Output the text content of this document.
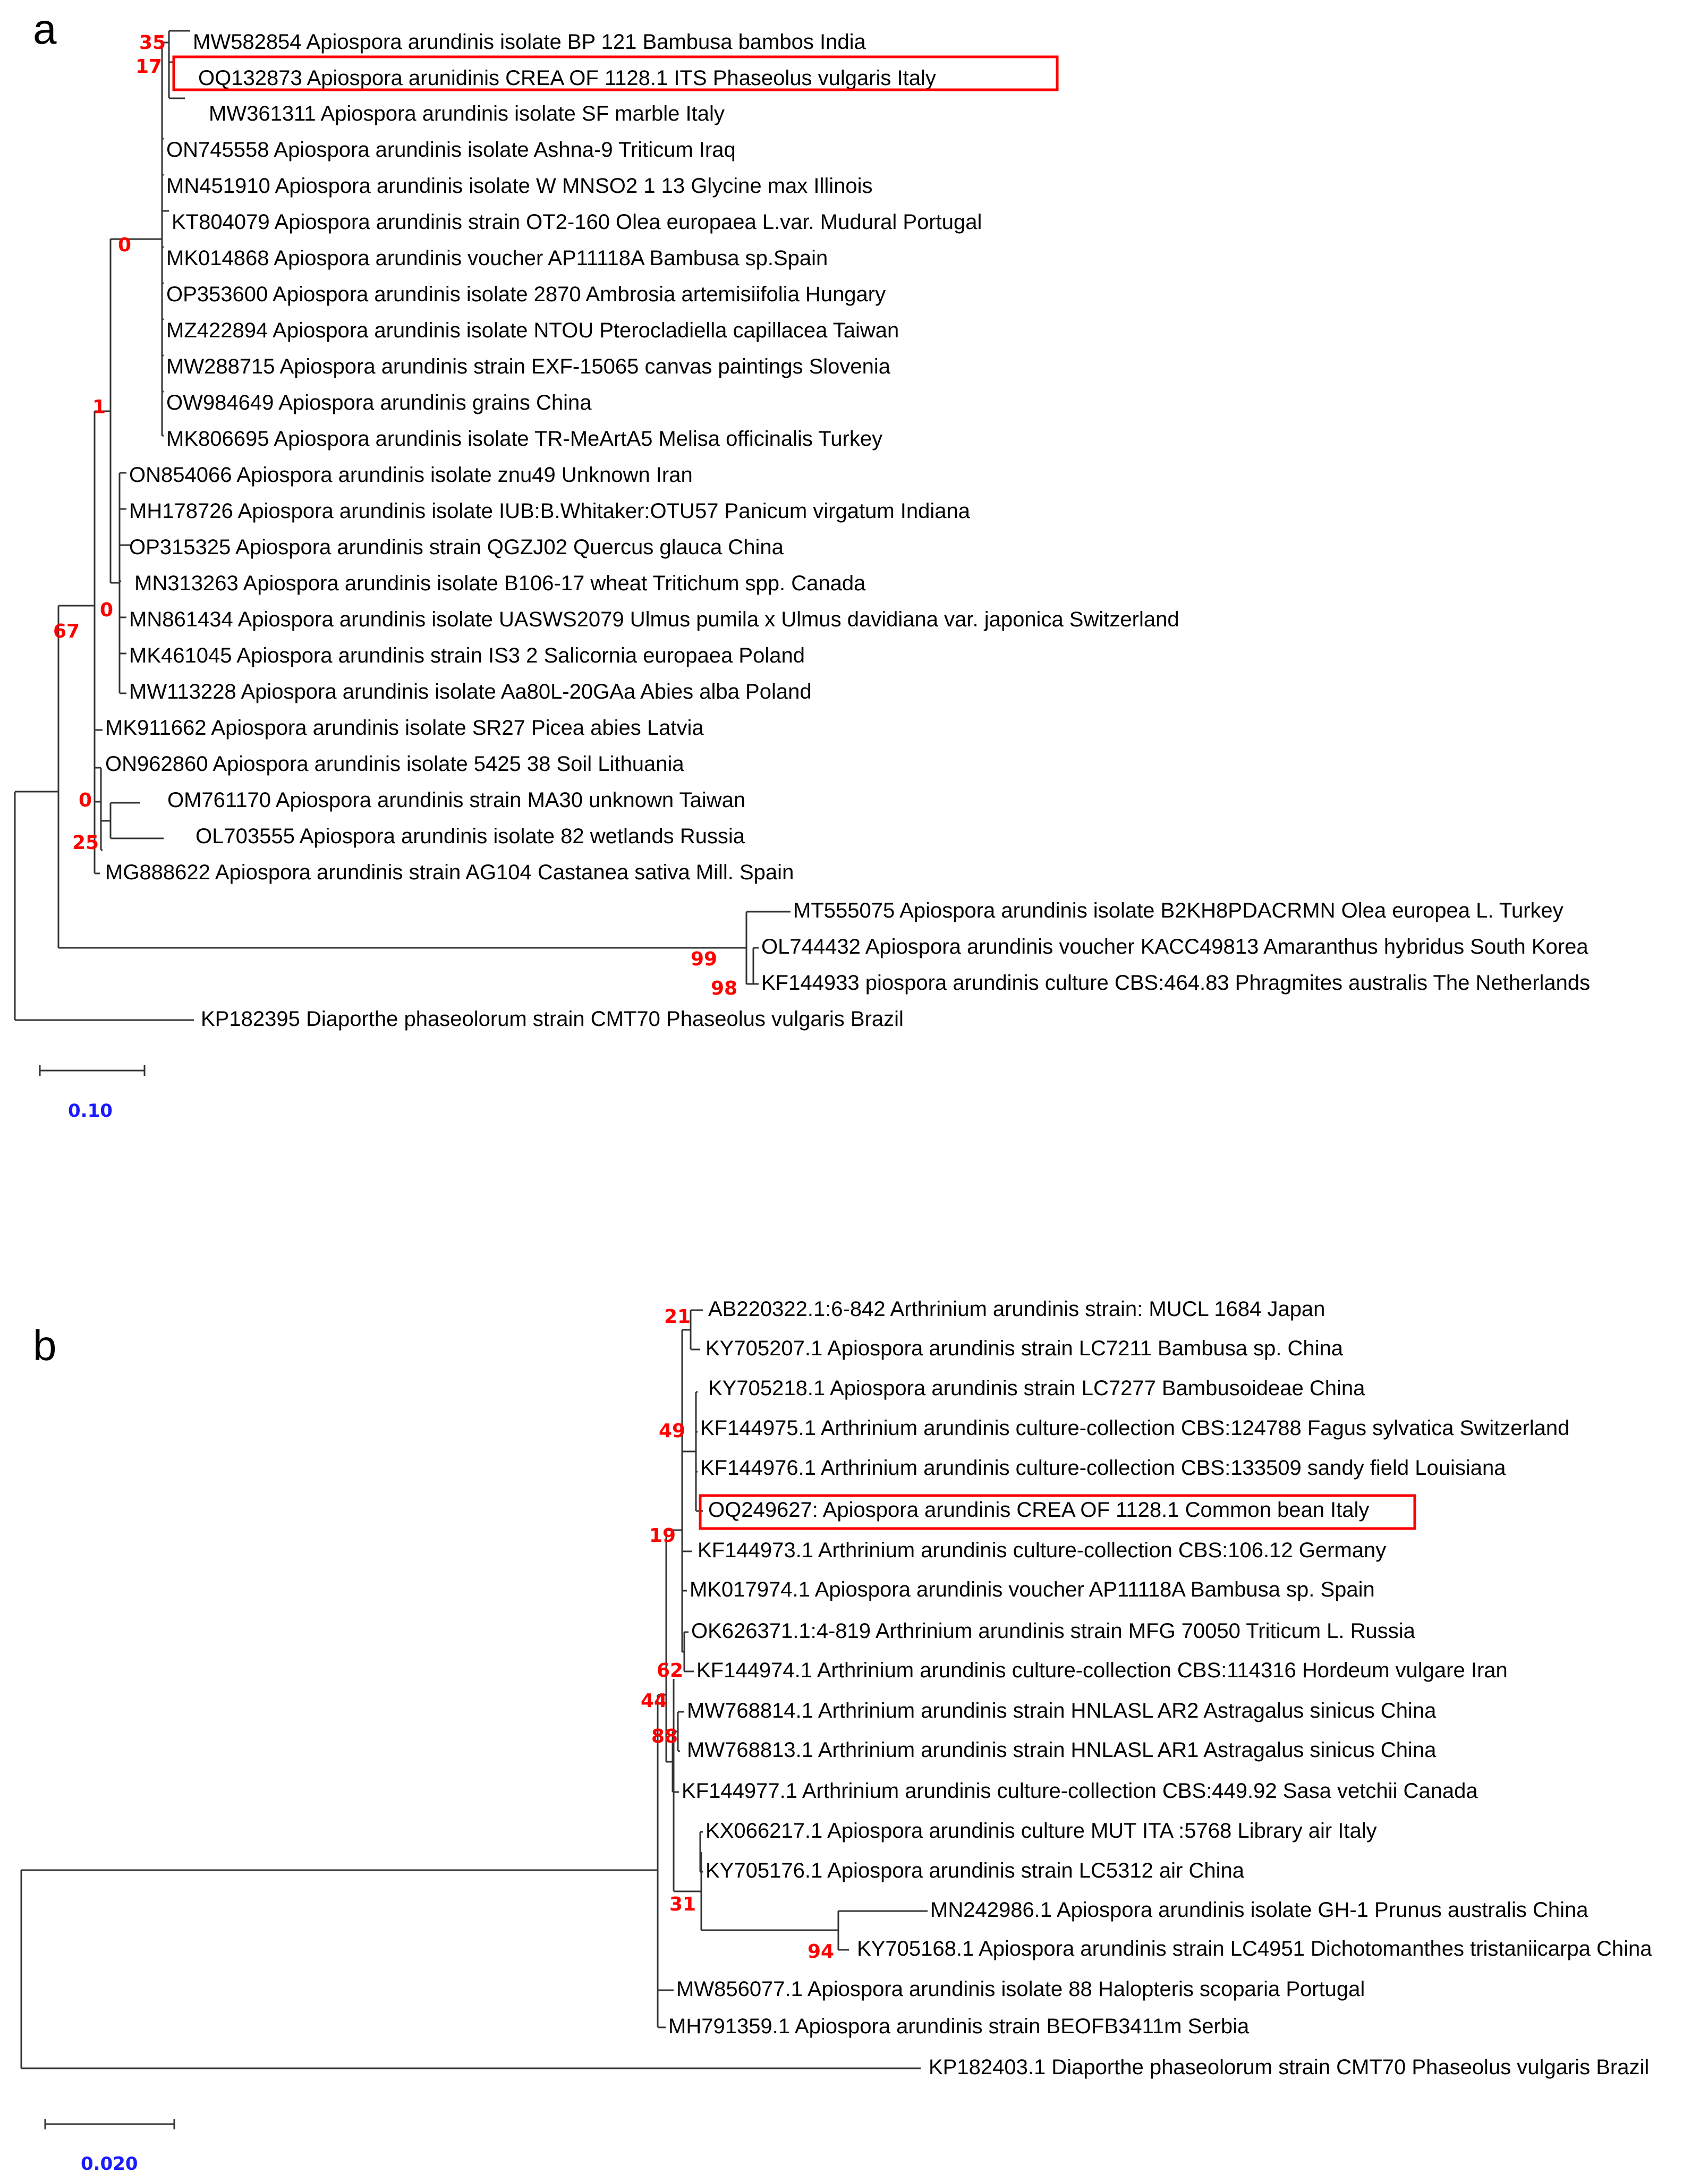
a	MW582854 Apiospora arundinis isolate BP 121 Bambusa bambos India
OQ132873 Apiospora arunidinis CREA OF 1128.1 ITS Phaseolus vulgaris Italy
MW361311 Apiospora arundinis isolate SF marble Italy
ON745558 Apiospora arundinis isolate Ashna-9 Triticum Iraq
MN451910 Apiospora arundinis isolate W MNSO2 1 13 Glycine max Illinois
KT804079 Apiospora arundinis strain OT2-160 Olea europaea L.var. Mudural Portugal
MK014868 Apiospora arundinis voucher AP11118A Bambusa sp.Spain
OP353600 Apiospora arundinis isolate 2870 Ambrosia artemisiifolia Hungary
MZ422894 Apiospora arundinis isolate NTOU Pterocladiella capillacea Taiwan
MW288715 Apiospora arundinis strain EXF-15065 canvas paintings Slovenia
OW984649 Apiospora arundinis grains China
MK806695 Apiospora arundinis isolate TR-MeArtA5 Melisa officinalis Turkey
ON854066 Apiospora arundinis isolate znu49 Unknown Iran
MH178726 Apiospora arundinis isolate IUB:B.Whitaker:OTU57 Panicum virgatum Indiana
OP315325 Apiospora arundinis strain QGZJ02 Quercus glauca China
MN313263 Apiospora arundinis isolate B106-17 wheat Tritichum spp. Canada
MN861434 Apiospora arundinis isolate UASWS2079 Ulmus pumila x Ulmus davidiana var. japonica Switzerland
MK461045 Apiospora arundinis strain IS3 2 Salicornia europaea Poland
MW113228 Apiospora arundinis isolate Aa80L-20GAa Abies alba Poland
MK911662 Apiospora arundinis isolate SR27 Picea abies Latvia
ON962860 Apiospora arundinis isolate 5425 38 Soil Lithuania
OM761170 Apiospora arundinis strain MA30 unknown Taiwan
OL703555 Apiospora arundinis isolate 82 wetlands Russia
MG888622 Apiospora arundinis strain AG104 Castanea sativa Mill. Spain
MT555075 Apiospora arundinis isolate B2KH8PDACRMN Olea europea L. Turkey
OL744432 Apiospora arundinis voucher KACC49813 Amaranthus hybridus South Korea
KF144933 piospora arundinis culture CBS:464.83 Phragmites australis The Netherlands
KP182395 Diaporthe phaseolorum strain CMT70 Phaseolus vulgaris Brazil
35
17
0
1
0
67
0
25
99
98
0.10
b
AB220322.1:6-842 Arthrinium arundinis strain: MUCL 1684 Japan
KY705207.1 Apiospora arundinis strain LC7211 Bambusa sp. China
KY705218.1 Apiospora arundinis strain LC7277 Bambusoideae China
KF144975.1 Arthrinium arundinis culture-collection CBS:124788 Fagus sylvatica Switzerland
KF144976.1 Arthrinium arundinis culture-collection CBS:133509 sandy field Louisiana
OQ249627: Apiospora arundinis CREA OF 1128.1 Common bean Italy
KF144973.1 Arthrinium arundinis culture-collection CBS:106.12 Germany
MK017974.1 Apiospora arundinis voucher AP11118A Bambusa sp. Spain
OK626371.1:4-819 Arthrinium arundinis strain MFG 70050 Triticum L. Russia
KF144974.1 Arthrinium arundinis culture-collection CBS:114316 Hordeum vulgare Iran
MW768814.1 Arthrinium arundinis strain HNLASL AR2 Astragalus sinicus China
MW768813.1 Arthrinium arundinis strain HNLASL AR1 Astragalus sinicus China
KF144977.1 Arthrinium arundinis culture-collection CBS:449.92 Sasa vetchii Canada
KX066217.1 Apiospora arundinis culture MUT ITA :5768 Library air Italy
KY705176.1 Apiospora arundinis strain LC5312 air China
MN242986.1 Apiospora arundinis isolate GH-1 Prunus australis China
KY705168.1 Apiospora arundinis strain LC4951 Dichotomanthes tristaniicarpa China
MW856077.1 Apiospora arundinis isolate 88 Halopteris scoparia Portugal
MH791359.1 Apiospora arundinis strain BEOFB3411m Serbia
KP182403.1 Diaporthe phaseolorum strain CMT70 Phaseolus vulgaris Brazil
21
49
19
62
44
88
31
94
0.020
